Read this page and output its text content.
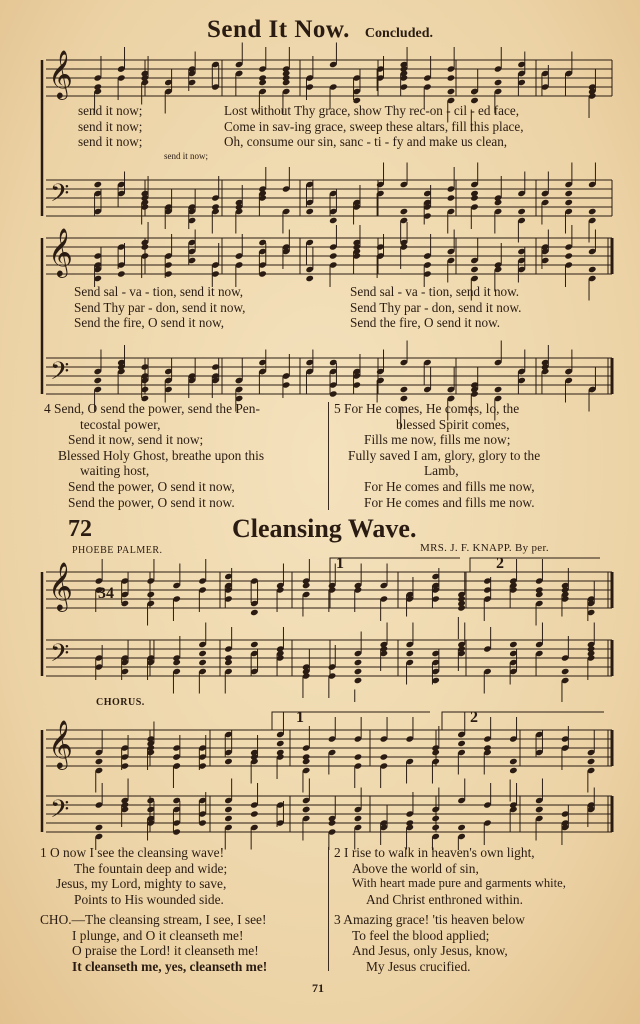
Send It Now. Concluded.
𝄞
𝄢
send it now;
send it now;
send it now;
Lost without Thy grace, show Thy rec-on - cil - ed face,
Come in sav-ing grace, sweep these altars, fill this place,
Oh, consume our sin, sanc - ti - fy and make us clean,
send it now;
𝄞
𝄢
Send sal - va - tion, send it now,
Send Thy par - don, send it now,
Send the fire, O send it now,
Send sal - va - tion, send it now.
Send Thy par - don, send it now.
Send the fire, O send it now.
4 Send, O send the power, send the Pen-
tecostal power,
Send it now, send it now;
Blessed Holy Ghost, breathe upon this
waiting host,
Send the power, O send it now,
Send the power, O send it now.
5 For He comes, He comes, lo, the
blessed Spirit comes,
Fills me now, fills me now;
Fully saved I am, glory, glory to the
Lamb,
For He comes and fills me now,
For He comes and fills me now.
72	Cleansing Wave.
PHOEBE PALMER.	MRS. J. F. KNAPP. By per.
𝄞
𝄢
34
1	2
CHORUS.
𝄞
𝄢
1	2
1 O now I see the cleansing wave!
The fountain deep and wide;
Jesus, my Lord, mighty to save,
Points to His wounded side.
CHO.—The cleansing stream, I see, I see!
I plunge, and O it cleanseth me!
O praise the Lord! it cleanseth me!
It cleanseth me, yes, cleanseth me!
2 I rise to walk in heaven's own light,
Above the world of sin,
With heart made pure and garments white,
And Christ enthroned within.
3 Amazing grace! 'tis heaven below
To feel the blood applied;
And Jesus, only Jesus, know,
My Jesus crucified.
71
